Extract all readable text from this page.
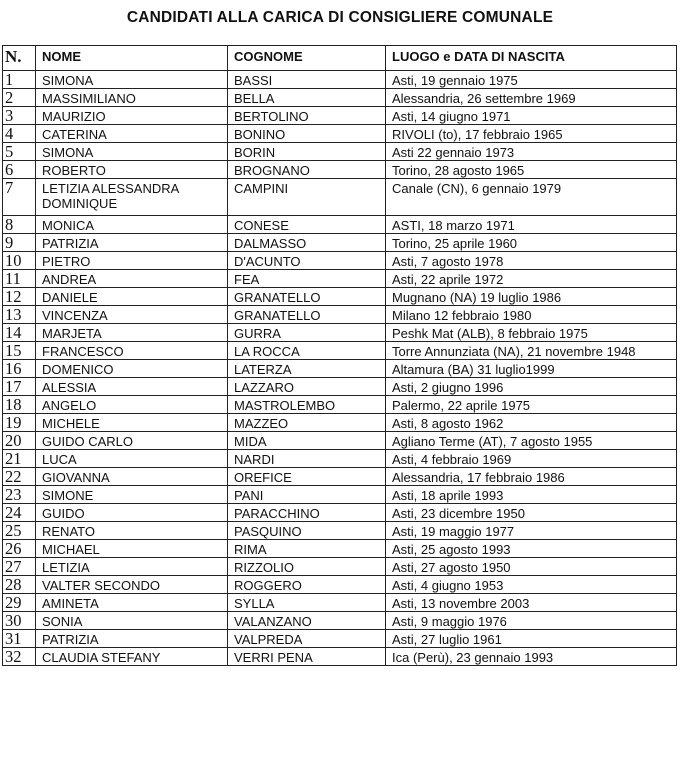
CANDIDATI ALLA CARICA DI CONSIGLIERE COMUNALE
N.	NOME	COGNOME	LUOGO e DATA DI NASCITA
1	SIMONA	BASSI	Asti, 19 gennaio 1975
2	MASSIMILIANO	BELLA	Alessandria, 26 settembre 1969
3	MAURIZIO	BERTOLINO	Asti, 14 giugno 1971
4	CATERINA	BONINO	RIVOLI (to), 17 febbraio 1965
5	SIMONA	BORIN	Asti 22 gennaio 1973
6	ROBERTO	BROGNANO	Torino, 28 agosto 1965
7	LETIZIA ALESSANDRA DOMINIQUE	CAMPINI	Canale (CN), 6 gennaio 1979
8	MONICA	CONESE	ASTI, 18 marzo 1971
9	PATRIZIA	DALMASSO	Torino, 25 aprile 1960
10	PIETRO	D'ACUNTO	Asti, 7 agosto 1978
11	ANDREA	FEA	Asti, 22 aprile 1972
12	DANIELE	GRANATELLO	Mugnano (NA) 19 luglio 1986
13	VINCENZA	GRANATELLO	Milano 12 febbraio 1980
14	MARJETA	GURRA	Peshk Mat (ALB), 8 febbraio 1975
15	FRANCESCO	LA ROCCA	Torre Annunziata (NA), 21 novembre 1948
16	DOMENICO	LATERZA	Altamura (BA) 31 luglio1999
17	ALESSIA	LAZZARO	Asti, 2 giugno 1996
18	ANGELO	MASTROLEMBO	Palermo, 22 aprile 1975
19	MICHELE	MAZZEO	Asti, 8 agosto 1962
20	GUIDO CARLO	MIDA	Agliano Terme (AT), 7 agosto 1955
21	LUCA	NARDI	Asti, 4 febbraio 1969
22	GIOVANNA	OREFICE	Alessandria, 17 febbraio 1986
23	SIMONE	PANI	Asti, 18 aprile 1993
24	GUIDO	PARACCHINO	Asti, 23 dicembre 1950
25	RENATO	PASQUINO	Asti, 19 maggio 1977
26	MICHAEL	RIMA	Asti, 25 agosto 1993
27	LETIZIA	RIZZOLIO	Asti, 27 agosto 1950
28	VALTER SECONDO	ROGGERO	Asti, 4 giugno 1953
29	AMINETA	SYLLA	Asti, 13 novembre 2003
30	SONIA	VALANZANO	Asti, 9 maggio 1976
31	PATRIZIA	VALPREDA	Asti, 27 luglio 1961
32	CLAUDIA STEFANY	VERRI PENA	Ica (Perù), 23 gennaio 1993
